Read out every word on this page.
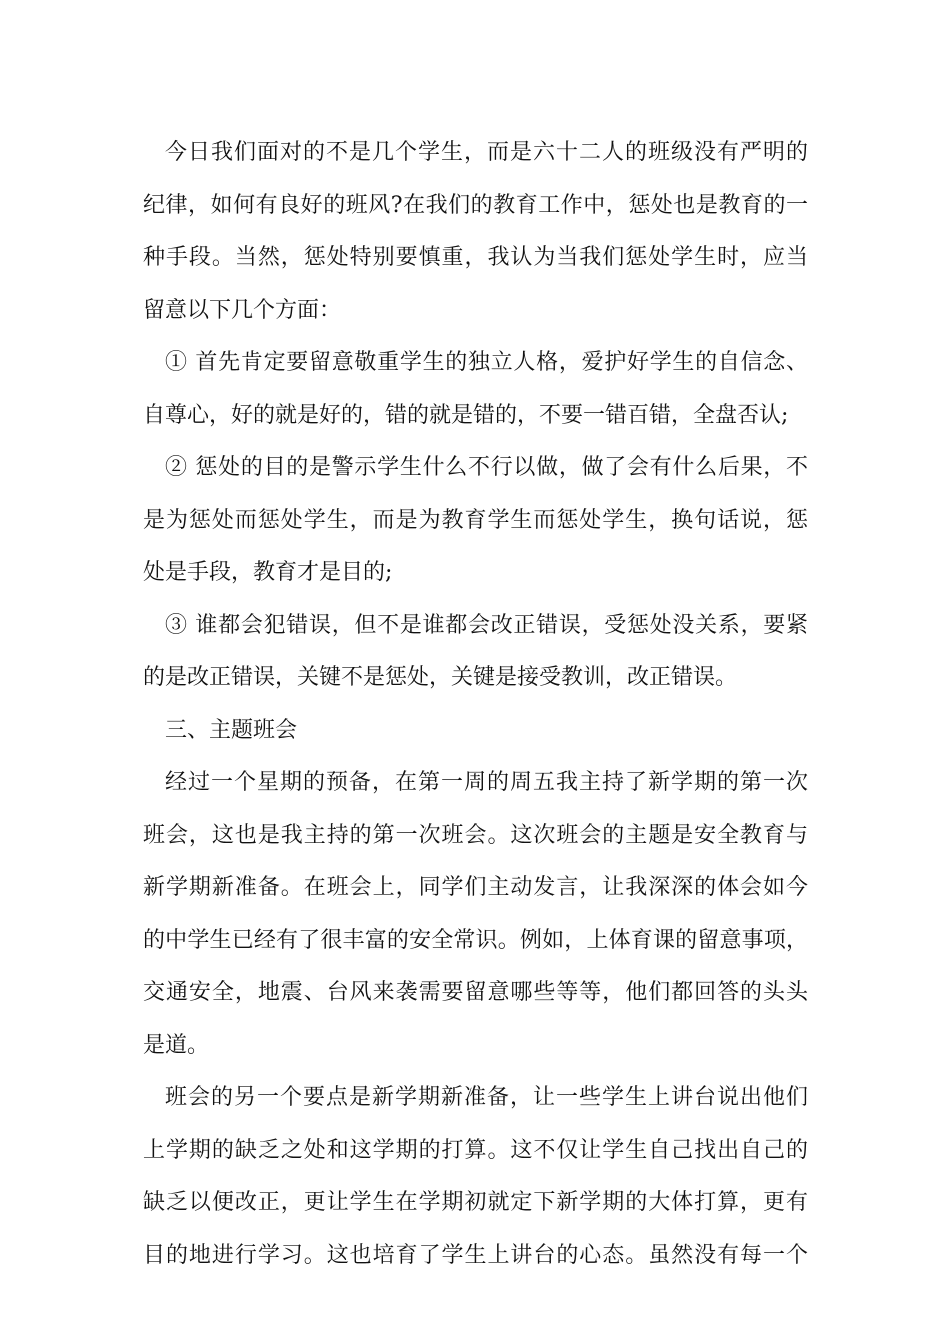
今日我们面对的不是几个学生，而是六十二人的班级没有严明的
纪律，如何有良好的班风?在我们的教育工作中，惩处也是教育的一
种手段。当然，惩处特别要慎重，我认为当我们惩处学生时，应当
留意以下几个方面：
① 首先肯定要留意敬重学生的独立人格，爱护好学生的自信念、
自尊心，好的就是好的，错的就是错的，不要一错百错，全盘否认;
② 惩处的目的是警示学生什么不行以做，做了会有什么后果，不
是为惩处而惩处学生，而是为教育学生而惩处学生，换句话说，惩
处是手段，教育才是目的;
③ 谁都会犯错误，但不是谁都会改正错误，受惩处没关系，要紧
的是改正错误，关键不是惩处，关键是接受教训，改正错误。
三、主题班会
经过一个星期的预备，在第一周的周五我主持了新学期的第一次
班会，这也是我主持的第一次班会。这次班会的主题是安全教育与
新学期新准备。在班会上，同学们主动发言，让我深深的体会如今
的中学生已经有了很丰富的安全常识。例如，上体育课的留意事项，
交通安全，地震、台风来袭需要留意哪些等等，他们都回答的头头
是道。
班会的另一个要点是新学期新准备，让一些学生上讲台说出他们
上学期的缺乏之处和这学期的打算。这不仅让学生自己找出自己的
缺乏以便改正，更让学生在学期初就定下新学期的大体打算，更有
目的地进行学习。这也培育了学生上讲台的心态。虽然没有每一个
